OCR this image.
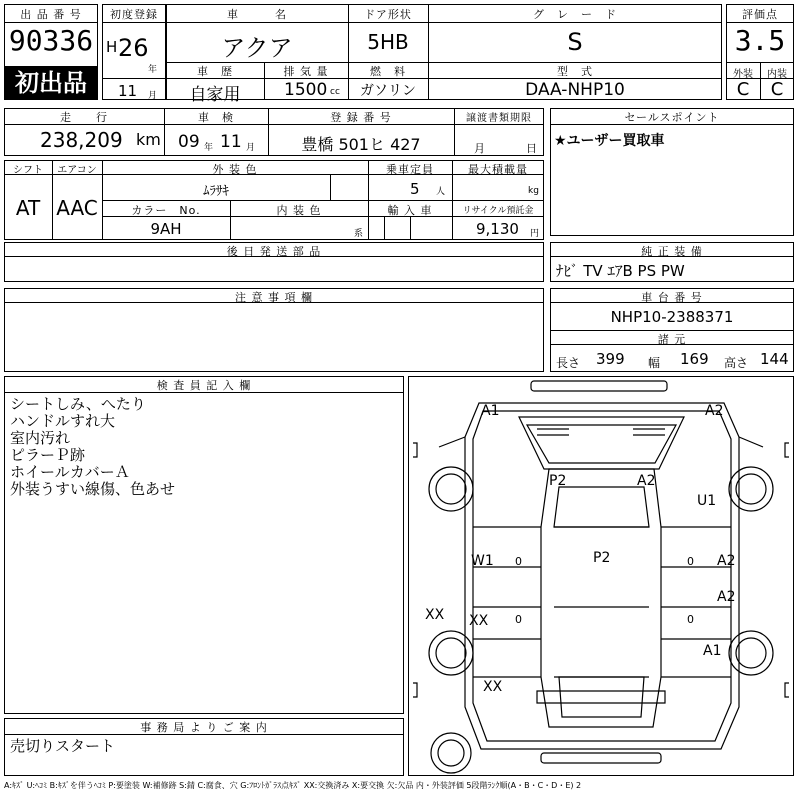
出 品 番 号
90336
初出品
初度登録
H 26
年
11 月
車　　　名
アクア
ドア形状
5HB
グ　レ　ー　ド
S
車　歴
自家用
排 気 量
1500 cc
燃　料
ガソリン
型　式
DAA-NHP10
評価点
3.5
外装	内装
C	C
走　　行
238,209 km
車　検
09 年 11 月
登 録 番 号
豊橋 501ヒ 427
譲渡書類期限
月	日
セールスポイント
★ユーザー買取車
シフト
AT
エアコン
AAC
外 装 色
ﾑﾗｻｷ
乗車定員
5 人
最大積載量
kg
カラー　No.
9AH
内 装 色
系
輸 入 車	リサイクル預託金
9,130 円
後 日 発 送 部 品	純 正 装 備
ﾅﾋﾞ TV ｴｱB PS PW
注 意 事 項 欄	車 台 番 号
NHP10-2388371
諸 元
長さ 399 幅 169 高さ 144
検 査 員 記 入 欄
シートしみ、へたり
ハンドルすれ大
室内汚れ
ピラーＰ跡
ホイールカバーＡ
外装うすい線傷、色あせ
事 務 局 よ り ご 案 内
売切りスタート
A1	A2
P2	A2
U1
W1 0	P2	0 A2
A2
XX XX 0	0
A1
XX
A:ｷｽﾞ U:ﾍｺﾐ B:ｷｽﾞを伴うﾍｺﾐ P:要塗装 W:補修跡 S:錆 C:腐食、穴 G:ﾌﾛﾝﾄｶﾞﾗｽ点ｷｽﾞ XX:交換済み X:要交換 欠:欠品 内・外装評価 5段階ﾗﾝｸ順(A・B・C・D・E) 2
